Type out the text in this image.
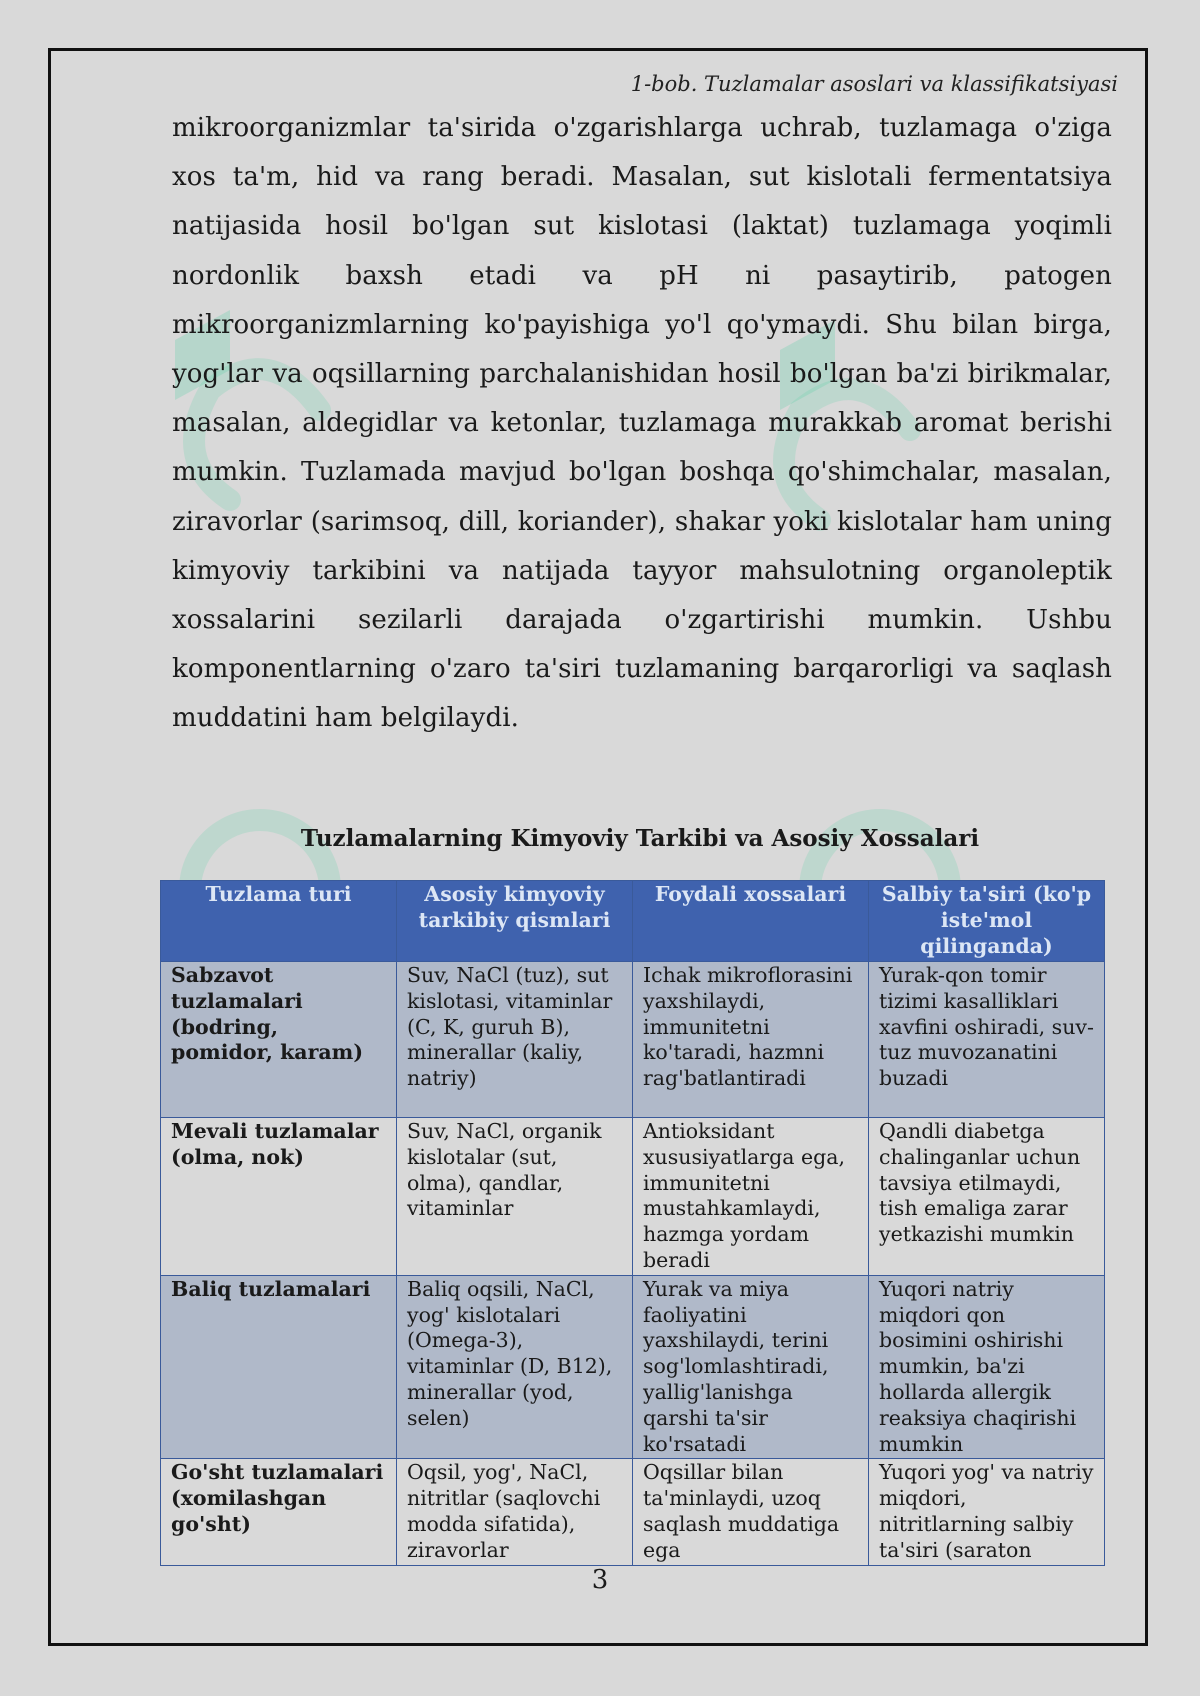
1-bob. Tuzlamalar asoslari va klassifikatsiyasi
mikroorganizmlar ta'sirida o'zgarishlarga uchrab, tuzlamaga o'ziga xos ta'm, hid va rang beradi. Masalan, sut kislotali fermentatsiya natijasida hosil bo'lgan sut kislotasi (laktat) tuzlamaga yoqimli nordonlik baxsh etadi va pH ni pasaytirib, patogen mikroorganizmlarning ko'payishiga yo'l qo'ymaydi. Shu bilan birga, yog'lar va oqsillarning parchalanishidan hosil bo'lgan ba'zi birikmalar, masalan, aldegidlar va ketonlar, tuzlamaga murakkab aromat berishi mumkin. Tuzlamada mavjud bo'lgan boshqa qo'shimchalar, masalan, ziravorlar (sarimsoq, dill, koriander), shakar yoki kislotalar ham uning kimyoviy tarkibini va natijada tayyor mahsulotning organoleptik xossalarini sezilarli darajada o'zgartirishi mumkin. Ushbu komponentlarning o'zaro ta'siri tuzlamaning barqarorligi va saqlash muddatini ham belgilaydi.
Tuzlamalarning Kimyoviy Tarkibi va Asosiy Xossalari
Tuzlama turi	Asosiy kimyoviy tarkibiy qismlari	Foydali xossalari	Salbiy ta'siri (ko'p iste'mol qilinganda)
Sabzavot tuzlamalari (bodring, pomidor, karam)	Suv, NaCl (tuz), sut kislotasi, vitaminlar (C, K, guruh B), minerallar (kaliy, natriy)	Ichak mikroflorasini yaxshilaydi, immunitetni ko'taradi, hazmni rag'batlantiradi	Yurak-qon tomir tizimi kasalliklari xavfini oshiradi, suv-tuz muvozanatini buzadi
Mevali tuzlamalar (olma, nok)	Suv, NaCl, organik kislotalar (sut, olma), qandlar, vitaminlar	Antioksidant xususiyatlarga ega, immunitetni mustahkamlaydi, hazmga yordam beradi	Qandli diabetga chalinganlar uchun tavsiya etilmaydi, tish emaliga zarar yetkazishi mumkin
Baliq tuzlamalari	Baliq oqsili, NaCl, yog' kislotalari (Omega-3), vitaminlar (D, B12), minerallar (yod, selen)	Yurak va miya faoliyatini yaxshilaydi, terini sog'lomlashtiradi, yallig'lanishga qarshi ta'sir ko'rsatadi	Yuqori natriy miqdori qon bosimini oshirishi mumkin, ba'zi hollarda allergik reaksiya chaqirishi mumkin
Go'sht tuzlamalari (xomilashgan go'sht)	Oqsil, yog', NaCl, nitritlar (saqlovchi modda sifatida), ziravorlar	Oqsillar bilan ta'minlaydi, uzoq saqlash muddatiga ega	Yuqori yog' va natriy miqdori, nitritlarning salbiy ta'siri (saraton
3
